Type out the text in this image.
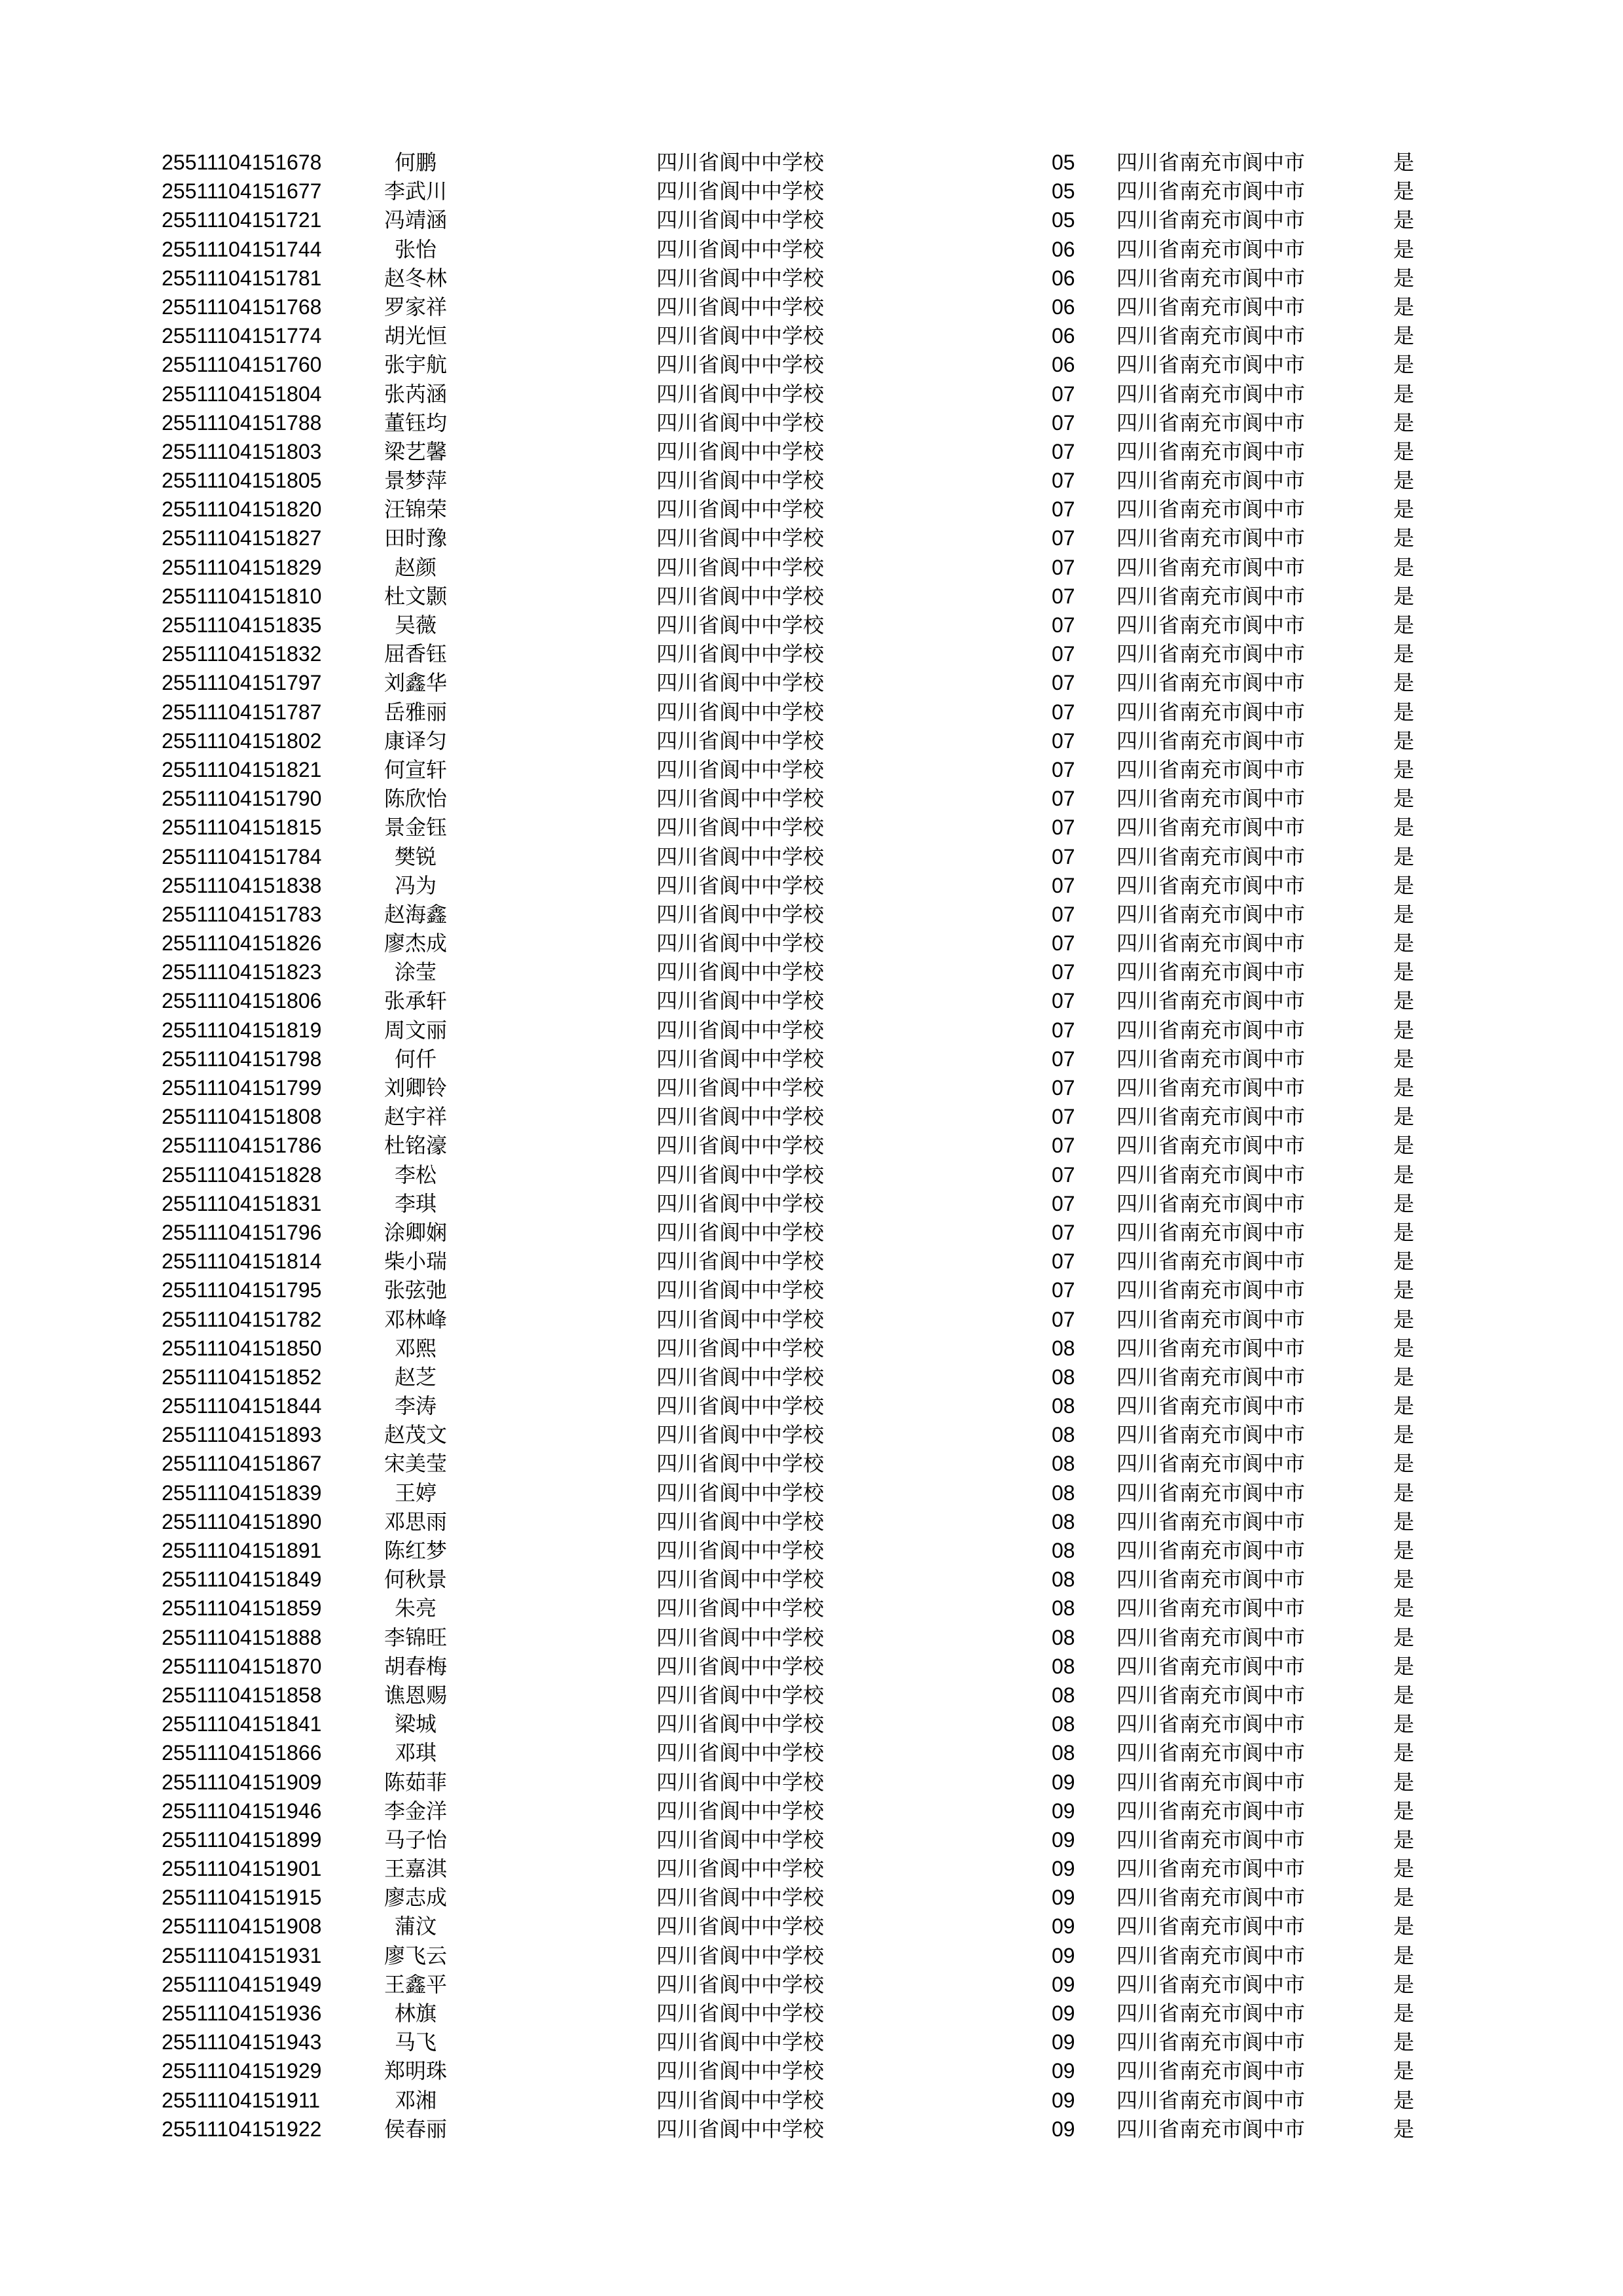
25511104151678	何鹏	四川省阆中中学校	05 四川省南充市阆中市	是
25511104151677	李武川	四川省阆中中学校	05 四川省南充市阆中市	是
25511104151721	冯靖涵	四川省阆中中学校	05 四川省南充市阆中市	是
25511104151744	张怡	四川省阆中中学校	06 四川省南充市阆中市	是
25511104151781	赵冬林	四川省阆中中学校	06 四川省南充市阆中市	是
25511104151768	罗家祥	四川省阆中中学校	06 四川省南充市阆中市	是
25511104151774	胡光恒	四川省阆中中学校	06 四川省南充市阆中市	是
25511104151760	张宇航	四川省阆中中学校	06 四川省南充市阆中市	是
25511104151804	张芮涵	四川省阆中中学校	07 四川省南充市阆中市	是
25511104151788	董钰均	四川省阆中中学校	07 四川省南充市阆中市	是
25511104151803	梁艺馨	四川省阆中中学校	07 四川省南充市阆中市	是
25511104151805	景梦萍	四川省阆中中学校	07 四川省南充市阆中市	是
25511104151820	汪锦荣	四川省阆中中学校	07 四川省南充市阆中市	是
25511104151827	田时豫	四川省阆中中学校	07 四川省南充市阆中市	是
25511104151829	赵颜	四川省阆中中学校	07 四川省南充市阆中市	是
25511104151810	杜文颢	四川省阆中中学校	07 四川省南充市阆中市	是
25511104151835	吴薇	四川省阆中中学校	07 四川省南充市阆中市	是
25511104151832	屈香钰	四川省阆中中学校	07 四川省南充市阆中市	是
25511104151797	刘鑫华	四川省阆中中学校	07 四川省南充市阆中市	是
25511104151787	岳雅丽	四川省阆中中学校	07 四川省南充市阆中市	是
25511104151802	康译匀	四川省阆中中学校	07 四川省南充市阆中市	是
25511104151821	何宣轩	四川省阆中中学校	07 四川省南充市阆中市	是
25511104151790	陈欣怡	四川省阆中中学校	07 四川省南充市阆中市	是
25511104151815	景金钰	四川省阆中中学校	07 四川省南充市阆中市	是
25511104151784	樊锐	四川省阆中中学校	07 四川省南充市阆中市	是
25511104151838	冯为	四川省阆中中学校	07 四川省南充市阆中市	是
25511104151783	赵海鑫	四川省阆中中学校	07 四川省南充市阆中市	是
25511104151826	廖杰成	四川省阆中中学校	07 四川省南充市阆中市	是
25511104151823	涂莹	四川省阆中中学校	07 四川省南充市阆中市	是
25511104151806	张承轩	四川省阆中中学校	07 四川省南充市阆中市	是
25511104151819	周文丽	四川省阆中中学校	07 四川省南充市阆中市	是
25511104151798	何仟	四川省阆中中学校	07 四川省南充市阆中市	是
25511104151799	刘卿铃	四川省阆中中学校	07 四川省南充市阆中市	是
25511104151808	赵宇祥	四川省阆中中学校	07 四川省南充市阆中市	是
25511104151786	杜铭濠	四川省阆中中学校	07 四川省南充市阆中市	是
25511104151828	李松	四川省阆中中学校	07 四川省南充市阆中市	是
25511104151831	李琪	四川省阆中中学校	07 四川省南充市阆中市	是
25511104151796	涂卿娴	四川省阆中中学校	07 四川省南充市阆中市	是
25511104151814	柴小瑞	四川省阆中中学校	07 四川省南充市阆中市	是
25511104151795	张弦弛	四川省阆中中学校	07 四川省南充市阆中市	是
25511104151782	邓林峰	四川省阆中中学校	07 四川省南充市阆中市	是
25511104151850	邓熙	四川省阆中中学校	08 四川省南充市阆中市	是
25511104151852	赵芝	四川省阆中中学校	08 四川省南充市阆中市	是
25511104151844	李涛	四川省阆中中学校	08 四川省南充市阆中市	是
25511104151893	赵茂文	四川省阆中中学校	08 四川省南充市阆中市	是
25511104151867	宋美莹	四川省阆中中学校	08 四川省南充市阆中市	是
25511104151839	王婷	四川省阆中中学校	08 四川省南充市阆中市	是
25511104151890	邓思雨	四川省阆中中学校	08 四川省南充市阆中市	是
25511104151891	陈红梦	四川省阆中中学校	08 四川省南充市阆中市	是
25511104151849	何秋景	四川省阆中中学校	08 四川省南充市阆中市	是
25511104151859	朱亮	四川省阆中中学校	08 四川省南充市阆中市	是
25511104151888	李锦旺	四川省阆中中学校	08 四川省南充市阆中市	是
25511104151870	胡春梅	四川省阆中中学校	08 四川省南充市阆中市	是
25511104151858	谯恩赐	四川省阆中中学校	08 四川省南充市阆中市	是
25511104151841	梁城	四川省阆中中学校	08 四川省南充市阆中市	是
25511104151866	邓琪	四川省阆中中学校	08 四川省南充市阆中市	是
25511104151909	陈茹菲	四川省阆中中学校	09 四川省南充市阆中市	是
25511104151946	李金洋	四川省阆中中学校	09 四川省南充市阆中市	是
25511104151899	马子怡	四川省阆中中学校	09 四川省南充市阆中市	是
25511104151901	王嘉淇	四川省阆中中学校	09 四川省南充市阆中市	是
25511104151915	廖志成	四川省阆中中学校	09 四川省南充市阆中市	是
25511104151908	蒲汶	四川省阆中中学校	09 四川省南充市阆中市	是
25511104151931	廖飞云	四川省阆中中学校	09 四川省南充市阆中市	是
25511104151949	王鑫平	四川省阆中中学校	09 四川省南充市阆中市	是
25511104151936	林旗	四川省阆中中学校	09 四川省南充市阆中市	是
25511104151943	马飞	四川省阆中中学校	09 四川省南充市阆中市	是
25511104151929	郑明珠	四川省阆中中学校	09 四川省南充市阆中市	是
25511104151911	邓湘	四川省阆中中学校	09 四川省南充市阆中市	是
25511104151922	侯春丽	四川省阆中中学校	09 四川省南充市阆中市	是
